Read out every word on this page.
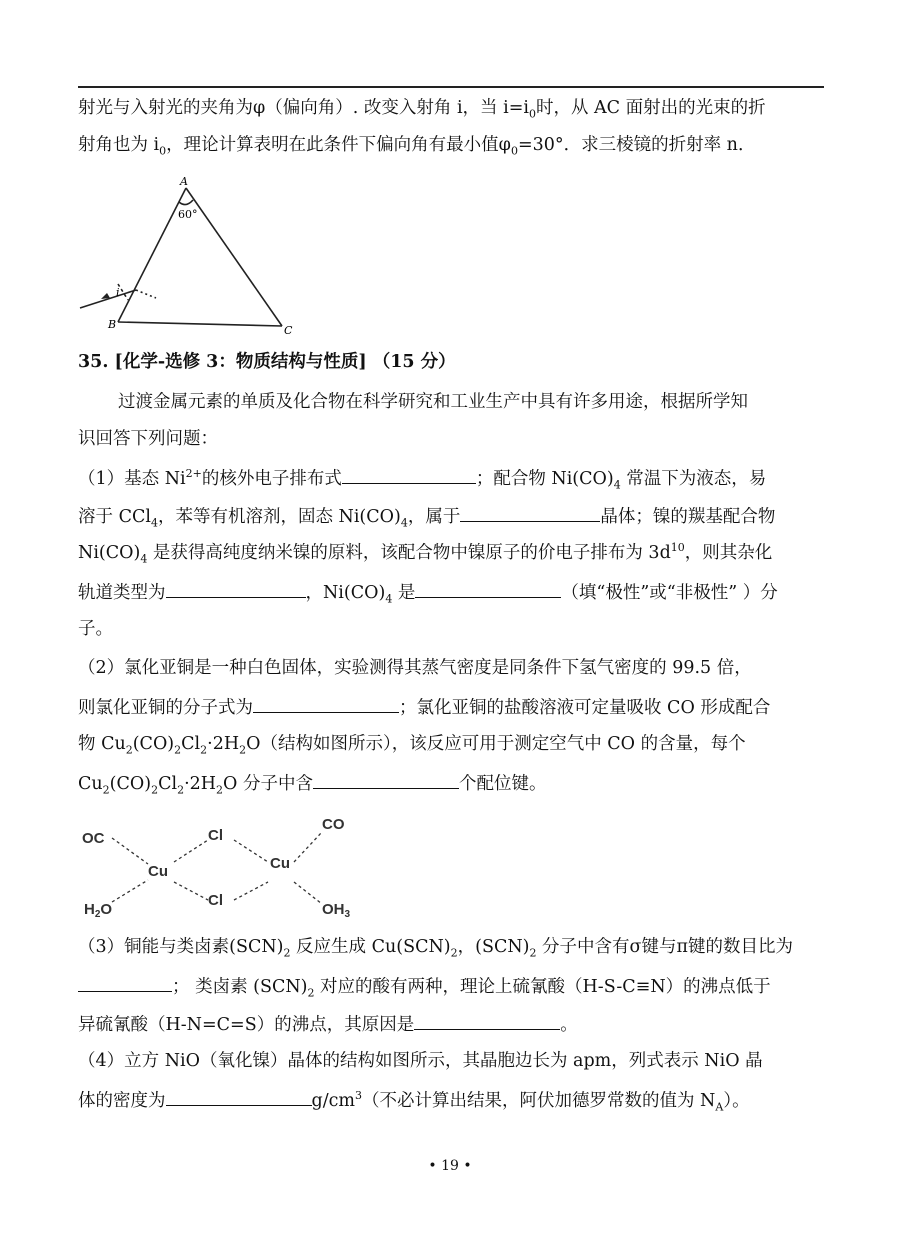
射光与入射光的夹角为φ（偏向角）. 改变入射角 i，当 $i=i_0$时，从 AC 面射出的光束的折
射角也为 $i_0$，理论计算表明在此条件下偏向角有最小值$\varphi_0=30^\circ$．求三棱镜的折射率 n．
A
60°
B	C
i
35. [化学-选修 3：物质结构与性质] （15 分）
过渡金属元素的单质及化合物在科学研究和工业生产中具有许多用途，根据所学知
识回答下列问题：
（1）基态 $Ni^{2+}$的核外电子排布式	；配合物 $Ni(CO)_4$ 常温下为液态，易
溶于 CCl$_4$，苯等有机溶剂，固态 $Ni(CO)_4$，属于	晶体；镍的羰基配合物
$Ni(CO)_4$ 是获得高纯度纳米镍的原料，该配合物中镍原子的价电子排布为 $3d^{10}$，则其杂化
轨道类型为	，$Ni(CO)_4$ 是	（填“极性”或“非极性” ）分
子。
（2）氯化亚铜是一种白色固体，实验测得其蒸气密度是同条件下氢气密度的 99.5 倍，
则氯化亚铜的分子式为	；氯化亚铜的盐酸溶液可定量吸收 CO 形成配合
物 $Cu_2(CO)_2Cl_2\cdot 2H_2O$（结构如图所示），该反应可用于测定空气中 CO 的含量，每个
$Cu_2(CO)_2Cl_2\cdot 2H_2O$ 分子中含	个配位键。
OC	Cl
CO
Cu	Cu
Cl
$H_2O$	$OH_3$
（3）铜能与类卤素$(SCN)_2$ 反应生成 $Cu(SCN)_2$，$(SCN)_2$ 分子中含有σ键与π键的数目比为
； 类卤素 $(SCN)_2$ 对应的酸有两种，理论上硫氰酸（H-S-C≡N）的沸点低于
异硫氰酸（H-N=C=S）的沸点，其原因是	。
（4）立方 NiO（氧化镍）晶体的结构如图所示，其晶胞边长为 apm，列式表示 NiO 晶
体的密度为	$g/cm^3$（不必计算出结果，阿伏加德罗常数的值为 $N_A$）。
• 19 •
